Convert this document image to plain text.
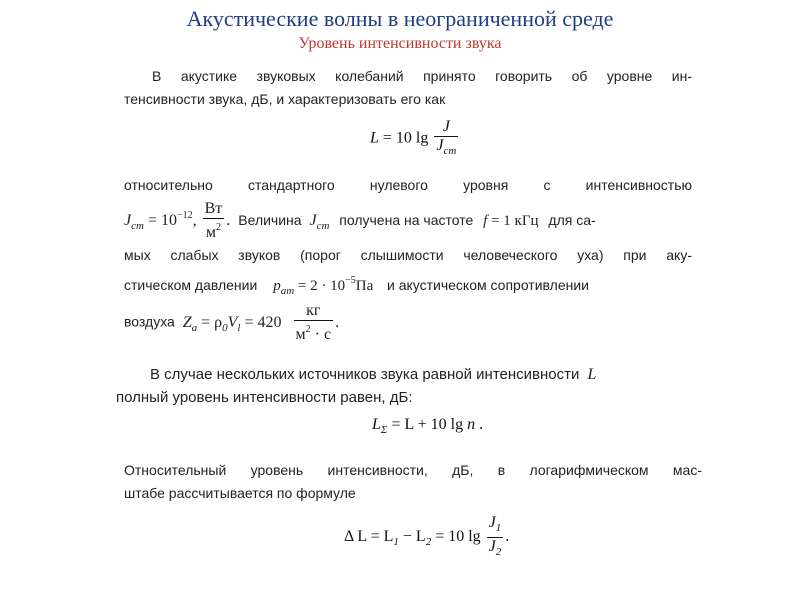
Акустические волны в неограниченной среде
Уровень интенсивности звука
В акустике звуковых колебаний принято говорить об уровне ин-
тенсивности звука, дБ, и характеризовать его как
L = 10 $\lg \frac{J}{J_{cm}}$
относительно стандартного нулевого уровня с интенсивностью
$J_{cm} = 10^{-12}$, $\frac{Вт}{м^2}$ . Величина $J_{cm}$ получена на частоте f = 1 кГц для са-
мых слабых звуков (порог слышимости человеческого уха) при аку-
стическом давлении $p_{am} = 2 \cdot 10^{-5}Па$ и акустическом сопротивлении
воздуха $Z_a = \rho_0V_l = 420 \frac{кг}{м^2 \cdot с}$ .
В случае нескольких источников звука равной интенсивности L
полный уровень интенсивности равен, дБ:
$L_\Sigma = L + 10$ lg n .
Относительный уровень интенсивности, дБ, в логарифмическом мас-
штабе рассчитывается по формуле
Δ $L = L_1 - L_2 = 10$ $\lg \frac{J_1}{J_2}$ .
